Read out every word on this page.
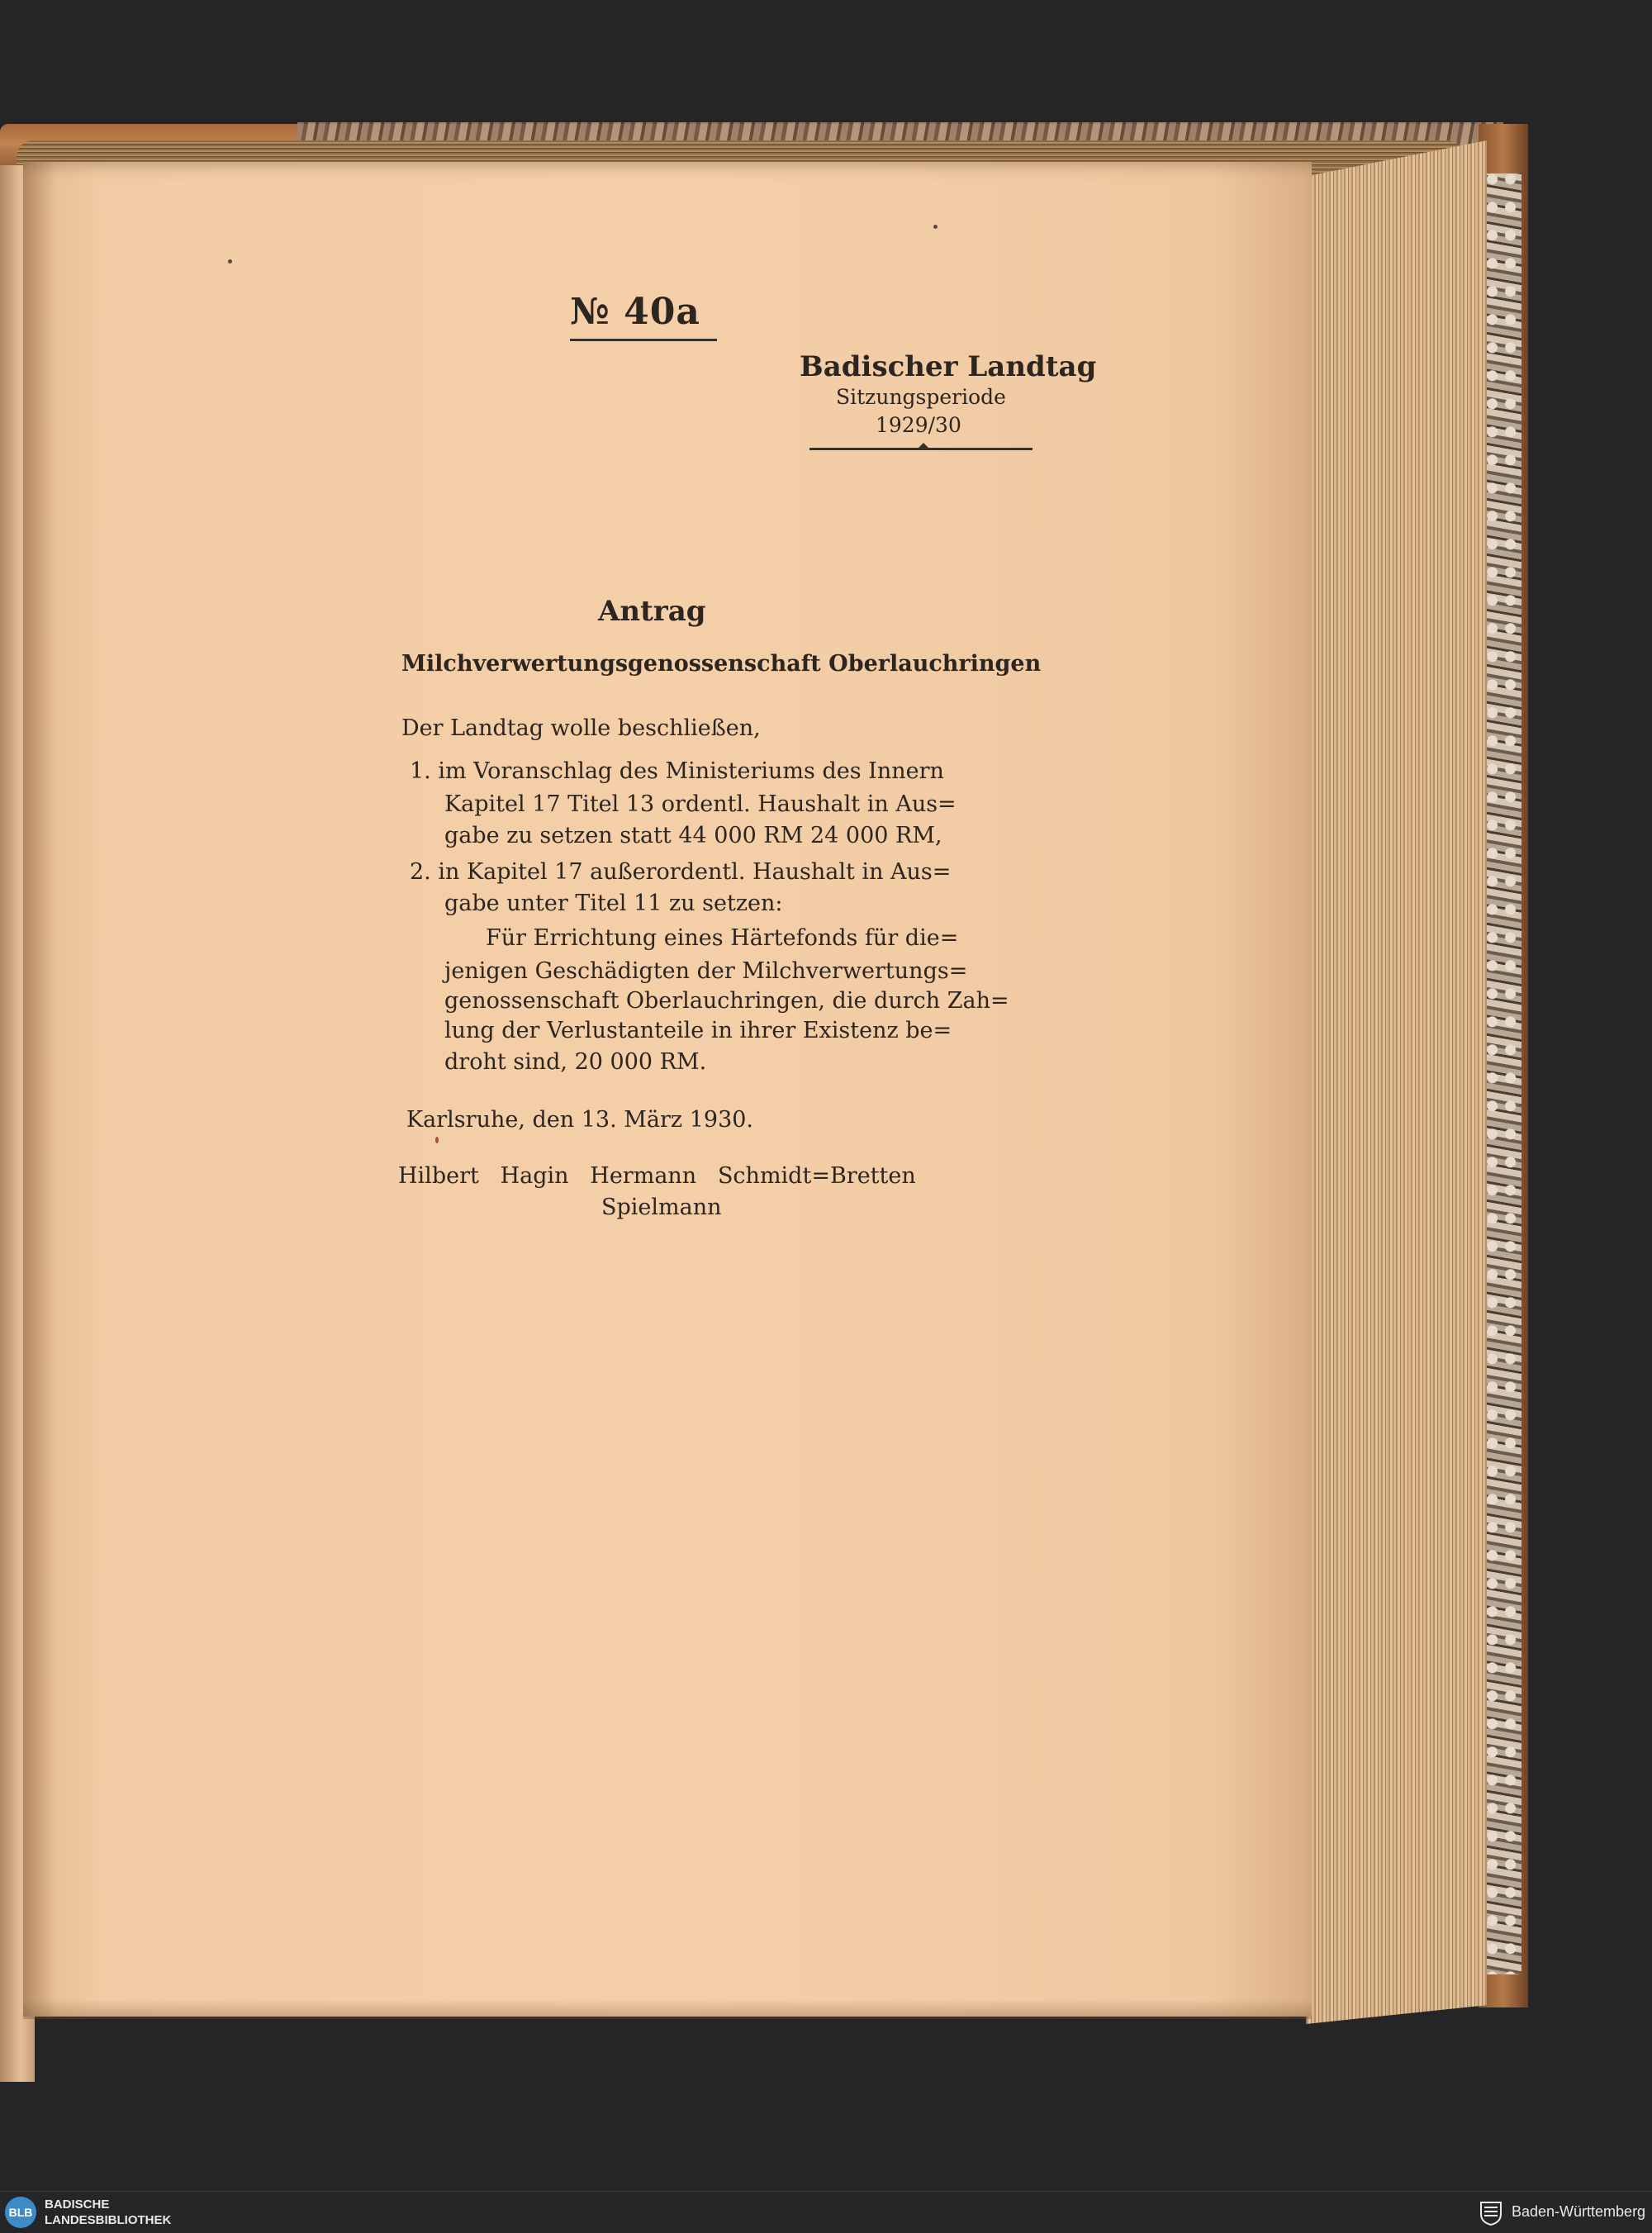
№ 40a
Badischer Landtag
Sitzungsperiode
1929/30
Antrag
Milchverwertungsgenossenschaft Oberlauchringen
Der Landtag wolle beschließen,
1. im Voranschlag des Ministeriums des Innern
Kapitel 17 Titel 13 ordentl. Haushalt in Aus=
gabe zu setzen statt 44 000 RM 24 000 RM,
2. in Kapitel 17 außerordentl. Haushalt in Aus=
gabe unter Titel 11 zu setzen:
Für Errichtung eines Härtefonds für die=
jenigen Geschädigten der Milchverwertungs=
genossenschaft Oberlauchringen, die durch Zah=
lung der Verlustanteile in ihrer Existenz be=
droht sind, 20 000 RM.
Karlsruhe, den 13. März 1930.
Hilbert   Hagin   Hermann   Schmidt=Bretten
Spielmann
BLB
BADISCHE
LANDESBIBLIOTHEK
Baden-Württemberg
